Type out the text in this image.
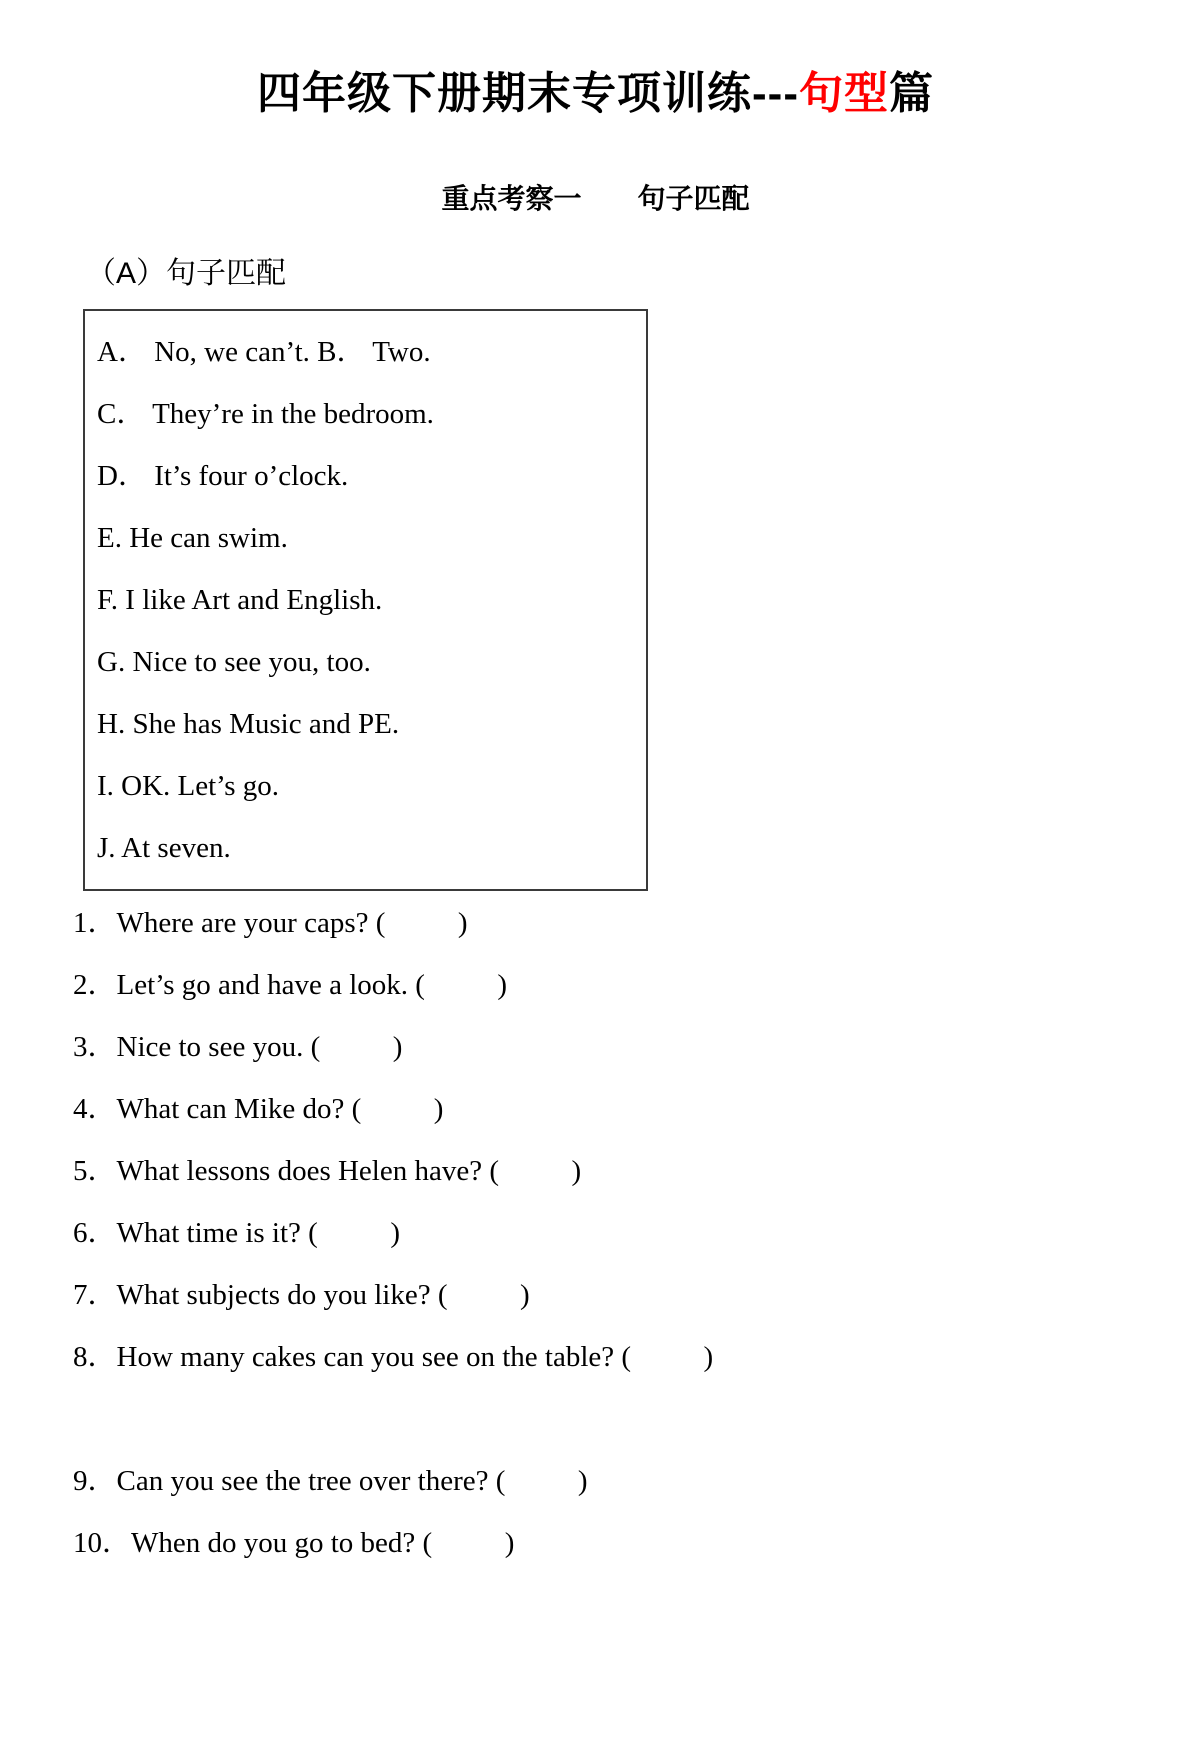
四年级下册期末专项训练---句型篇
重点考察一　　句子匹配
（A）句子匹配
A． No, we can’t. B． Two.
C． They’re in the bedroom.
D． It’s four o’clock.
E. He can swim.
F. I like Art and English.
G. Nice to see you, too.
H. She has Music and PE.
I. OK. Let’s go.
J. At seven.
1．Where are your caps? (          )
2．Let’s go and have a look. (          )
3．Nice to see you. (          )
4．What can Mike do? (          )
5．What lessons does Helen have? (          )
6．What time is it? (          )
7．What subjects do you like? (          )
8．How many cakes can you see on the table? (          )
9．Can you see the tree over there? (          )
10．When do you go to bed? (          )
